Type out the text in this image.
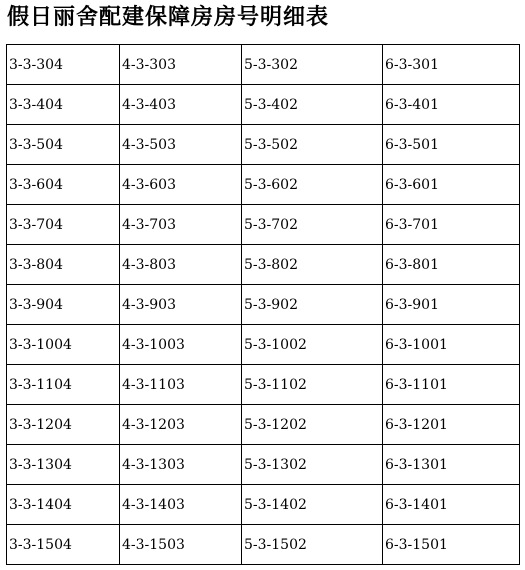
假日丽舍配建保障房房号明细表
3-3-304	4-3-303	5-3-302	6-3-301
3-3-404	4-3-403	5-3-402	6-3-401
3-3-504	4-3-503	5-3-502	6-3-501
3-3-604	4-3-603	5-3-602	6-3-601
3-3-704	4-3-703	5-3-702	6-3-701
3-3-804	4-3-803	5-3-802	6-3-801
3-3-904	4-3-903	5-3-902	6-3-901
3-3-1004	4-3-1003	5-3-1002	6-3-1001
3-3-1104	4-3-1103	5-3-1102	6-3-1101
3-3-1204	4-3-1203	5-3-1202	6-3-1201
3-3-1304	4-3-1303	5-3-1302	6-3-1301
3-3-1404	4-3-1403	5-3-1402	6-3-1401
3-3-1504	4-3-1503	5-3-1502	6-3-1501
